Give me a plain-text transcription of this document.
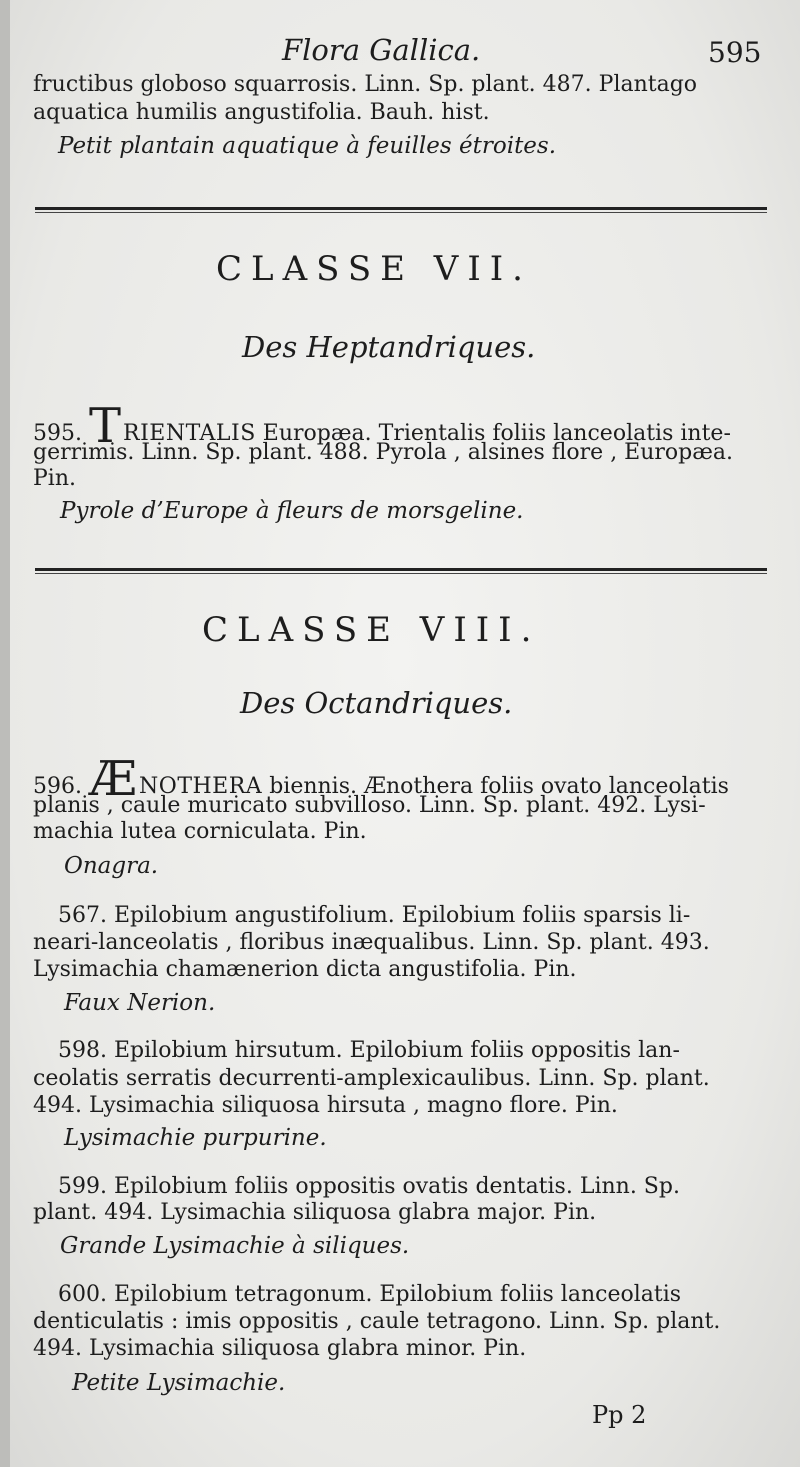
Flora Gallica.	595
fructibus globoso squarrosis. Linn. Sp. plant. 487. Plantago
aquatica humilis angustifolia. Bauh. hist.
Petit plantain aquatique à feuilles étroites.
CLASSE VII.
Des Heptandriques.
595. TRIENTALIS Europæa. Trientalis foliis lanceolatis inte-
gerrimis. Linn. Sp. plant. 488. Pyrola , alsines flore , Europæa.
Pin.
Pyrole d’Europe à fleurs de morsgeline.
CLASSE VIII.
Des Octandriques.
596. ÆNOTHERA biennis. Ænothera foliis ovato lanceolatis
planis , caule muricato subvilloso. Linn. Sp. plant. 492. Lysi-
machia lutea corniculata. Pin.
Onagra.
567. Epilobium angustifolium. Epilobium foliis sparsis li-
neari-lanceolatis , floribus inæqualibus. Linn. Sp. plant. 493.
Lysimachia chamænerion dicta angustifolia. Pin.
Faux Nerion.
598. Epilobium hirsutum. Epilobium foliis oppositis lan-
ceolatis serratis decurrenti-amplexicaulibus. Linn. Sp. plant.
494. Lysimachia siliquosa hirsuta , magno flore. Pin.
Lysimachie purpurine.
599. Epilobium foliis oppositis ovatis dentatis. Linn. Sp.
plant. 494. Lysimachia siliquosa glabra major. Pin.
Grande Lysimachie à siliques.
600. Epilobium tetragonum. Epilobium foliis lanceolatis
denticulatis : imis oppositis , caule tetragono. Linn. Sp. plant.
494. Lysimachia siliquosa glabra minor. Pin.
Petite Lysimachie.
Pp 2
